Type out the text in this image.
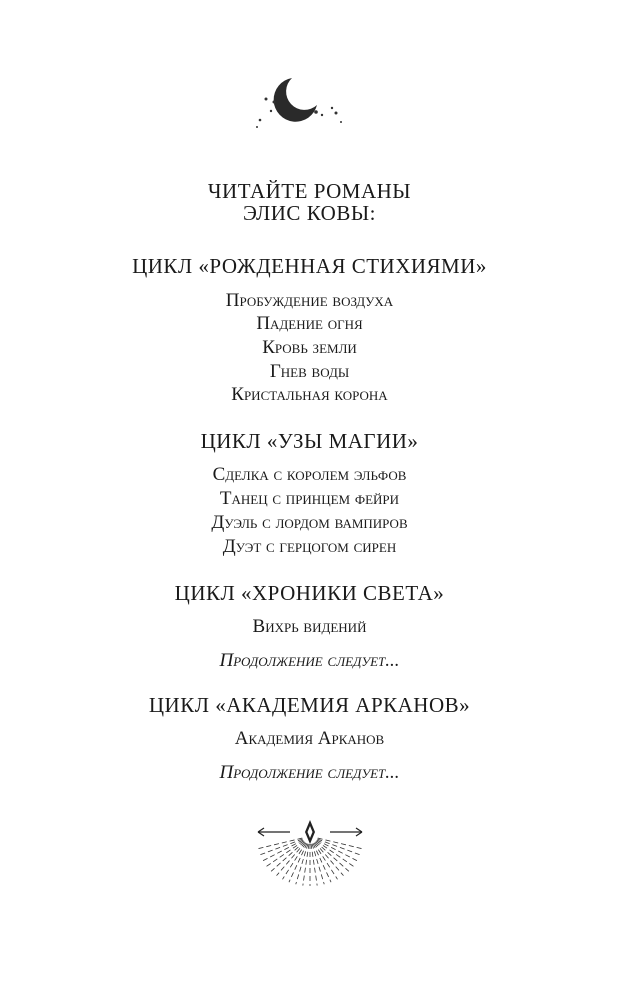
ЧИТАЙТЕ РОМАНЫ
ЭЛИС КОВЫ:
ЦИКЛ «РОЖДЕННАЯ СТИХИЯМИ»
Пробуждение воздуха
Падение огня
Кровь земли
Гнев воды
Кристальная корона
ЦИКЛ «УЗЫ МАГИИ»
Сделка с королем эльфов
Танец с принцем фейри
Дуэль с лордом вампиров
Дуэт с герцогом сирен
ЦИКЛ «ХРОНИКИ СВЕТА»
Вихрь видений
Продолжение следует...
ЦИКЛ «АКАДЕМИЯ АРКАНОВ»
Академия Арканов
Продолжение следует...
